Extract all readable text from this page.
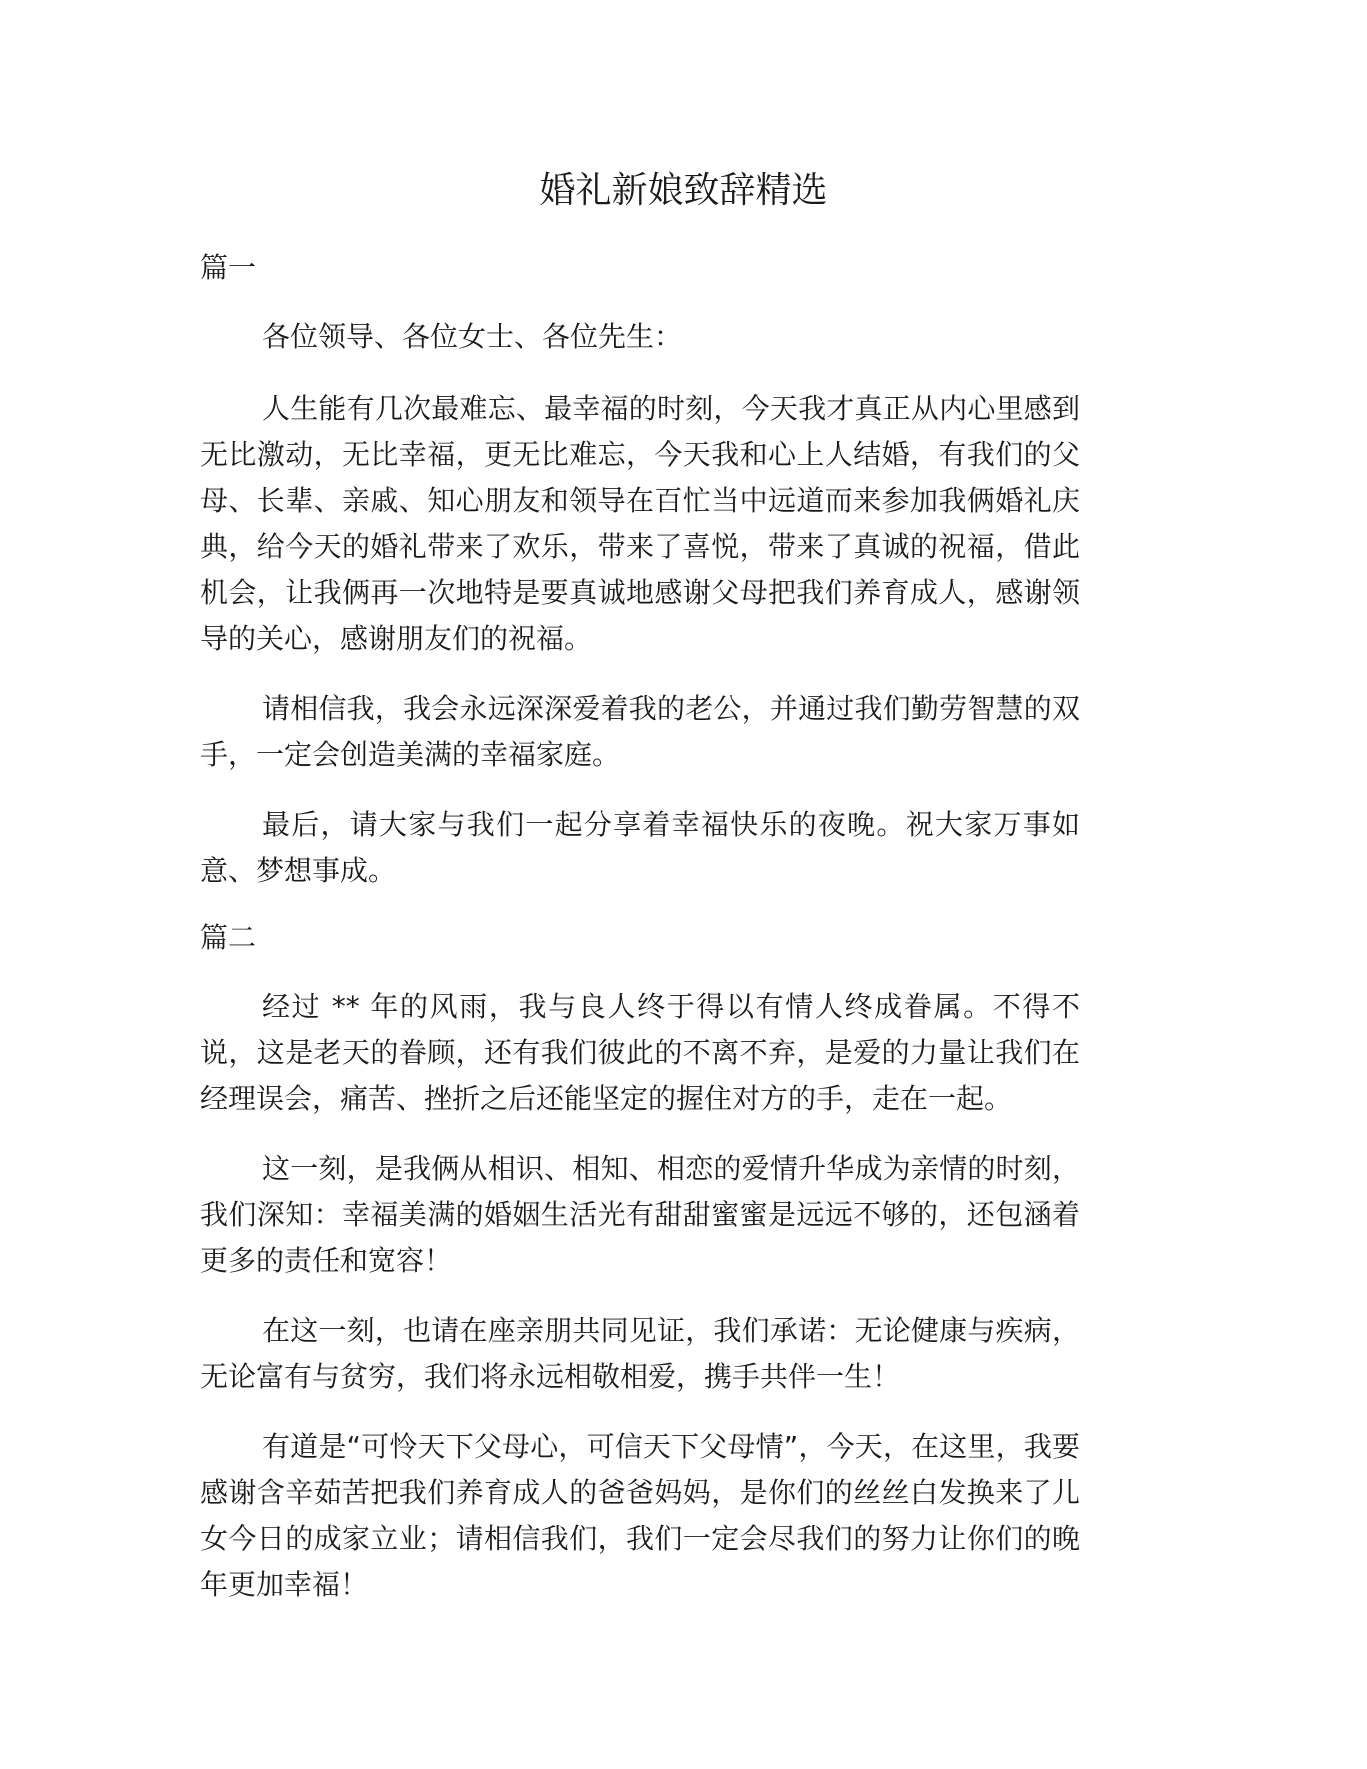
婚礼新娘致辞精选
篇一

各位领导、各位女士、各位先生：

人生能有几次最难忘、最幸福的时刻，今天我才真正从内心里感到无比激动，无比幸福，更无比难忘，今天我和心上人结婚，有我们的父母、长辈、亲戚、知心朋友和领导在百忙当中远道而来参加我俩婚礼庆典，给今天的婚礼带来了欢乐，带来了喜悦，带来了真诚的祝福，借此机会，让我俩再一次地特是要真诚地感谢父母把我们养育成人，感谢领导的关心，感谢朋友们的祝福。

请相信我，我会永远深深爱着我的老公，并通过我们勤劳智慧的双手，一定会创造美满的幸福家庭。

最后，请大家与我们一起分享着幸福快乐的夜晚。祝大家万事如意、梦想事成。

篇二

经过 ** 年的风雨，我与良人终于得以有情人终成眷属。不得不说，这是老天的眷顾，还有我们彼此的不离不弃，是爱的力量让我们在经理误会，痛苦、挫折之后还能坚定的握住对方的手，走在一起。

这一刻，是我俩从相识、相知、相恋的爱情升华成为亲情的时刻，我们深知：幸福美满的婚姻生活光有甜甜蜜蜜是远远不够的，还包涵着更多的责任和宽容！

在这一刻，也请在座亲朋共同见证，我们承诺：无论健康与疾病，无论富有与贫穷，我们将永远相敬相爱，携手共伴一生！

有道是“可怜天下父母心，可信天下父母情”，今天，在这里，我要感谢含辛茹苦把我们养育成人的爸爸妈妈，是你们的丝丝白发换来了儿女今日的成家立业；请相信我们，我们一定会尽我们的努力让你们的晚年更加幸福！
